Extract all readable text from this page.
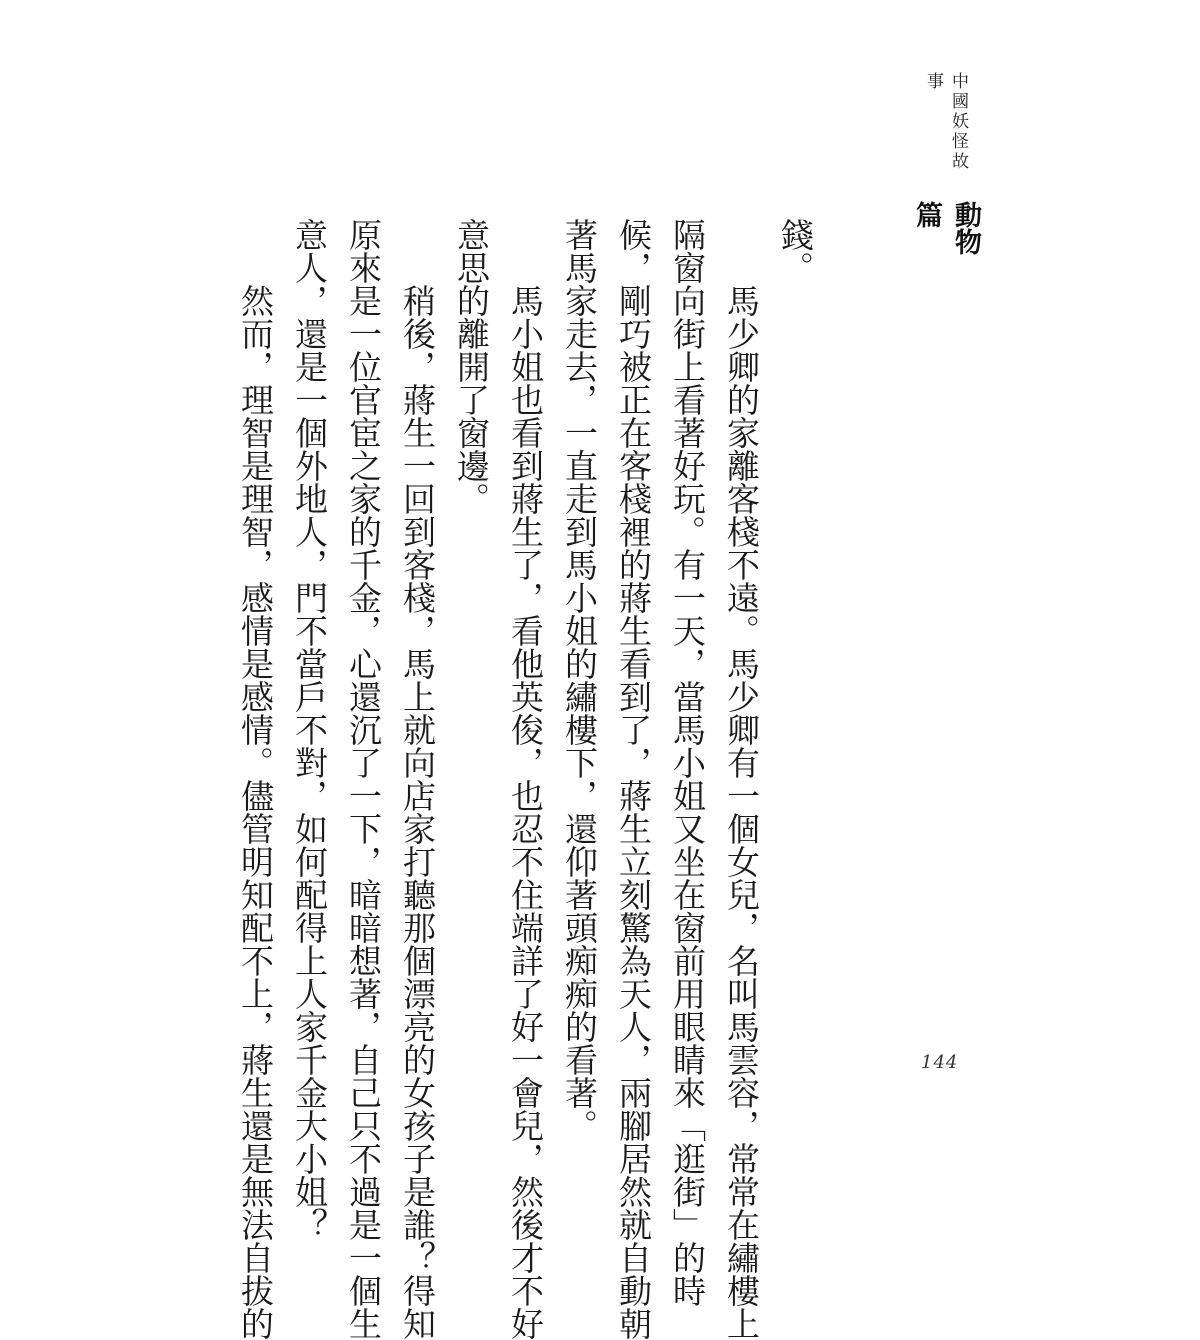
中國妖怪故事
動物篇

錢。

馬少卿的家離客棧不遠。馬少卿有一個女兒，名叫馬雲容，常常在繡樓上

隔窗向街上看著好玩。有一天，當馬小姐又坐在窗前用眼睛來「逛街」的時

候，剛巧被正在客棧裡的蔣生看到了，蔣生立刻驚為天人，兩腳居然就自動朝

著馬家走去，一直走到馬小姐的繡樓下，還仰著頭痴痴的看著。

馬小姐也看到蔣生了，看他英俊，也忍不住端詳了好一會兒，然後才不好

意思的離開了窗邊。

稍後，蔣生一回到客棧，馬上就向店家打聽那個漂亮的女孩子是誰？得知

原來是一位官宦之家的千金，心還沉了一下，暗暗想著，自己只不過是一個生

意人，還是一個外地人，門不當戶不對，如何配得上人家千金大小姐？

然而，理智是理智，感情是感情。儘管明知配不上，蔣生還是無法自拔的	144
